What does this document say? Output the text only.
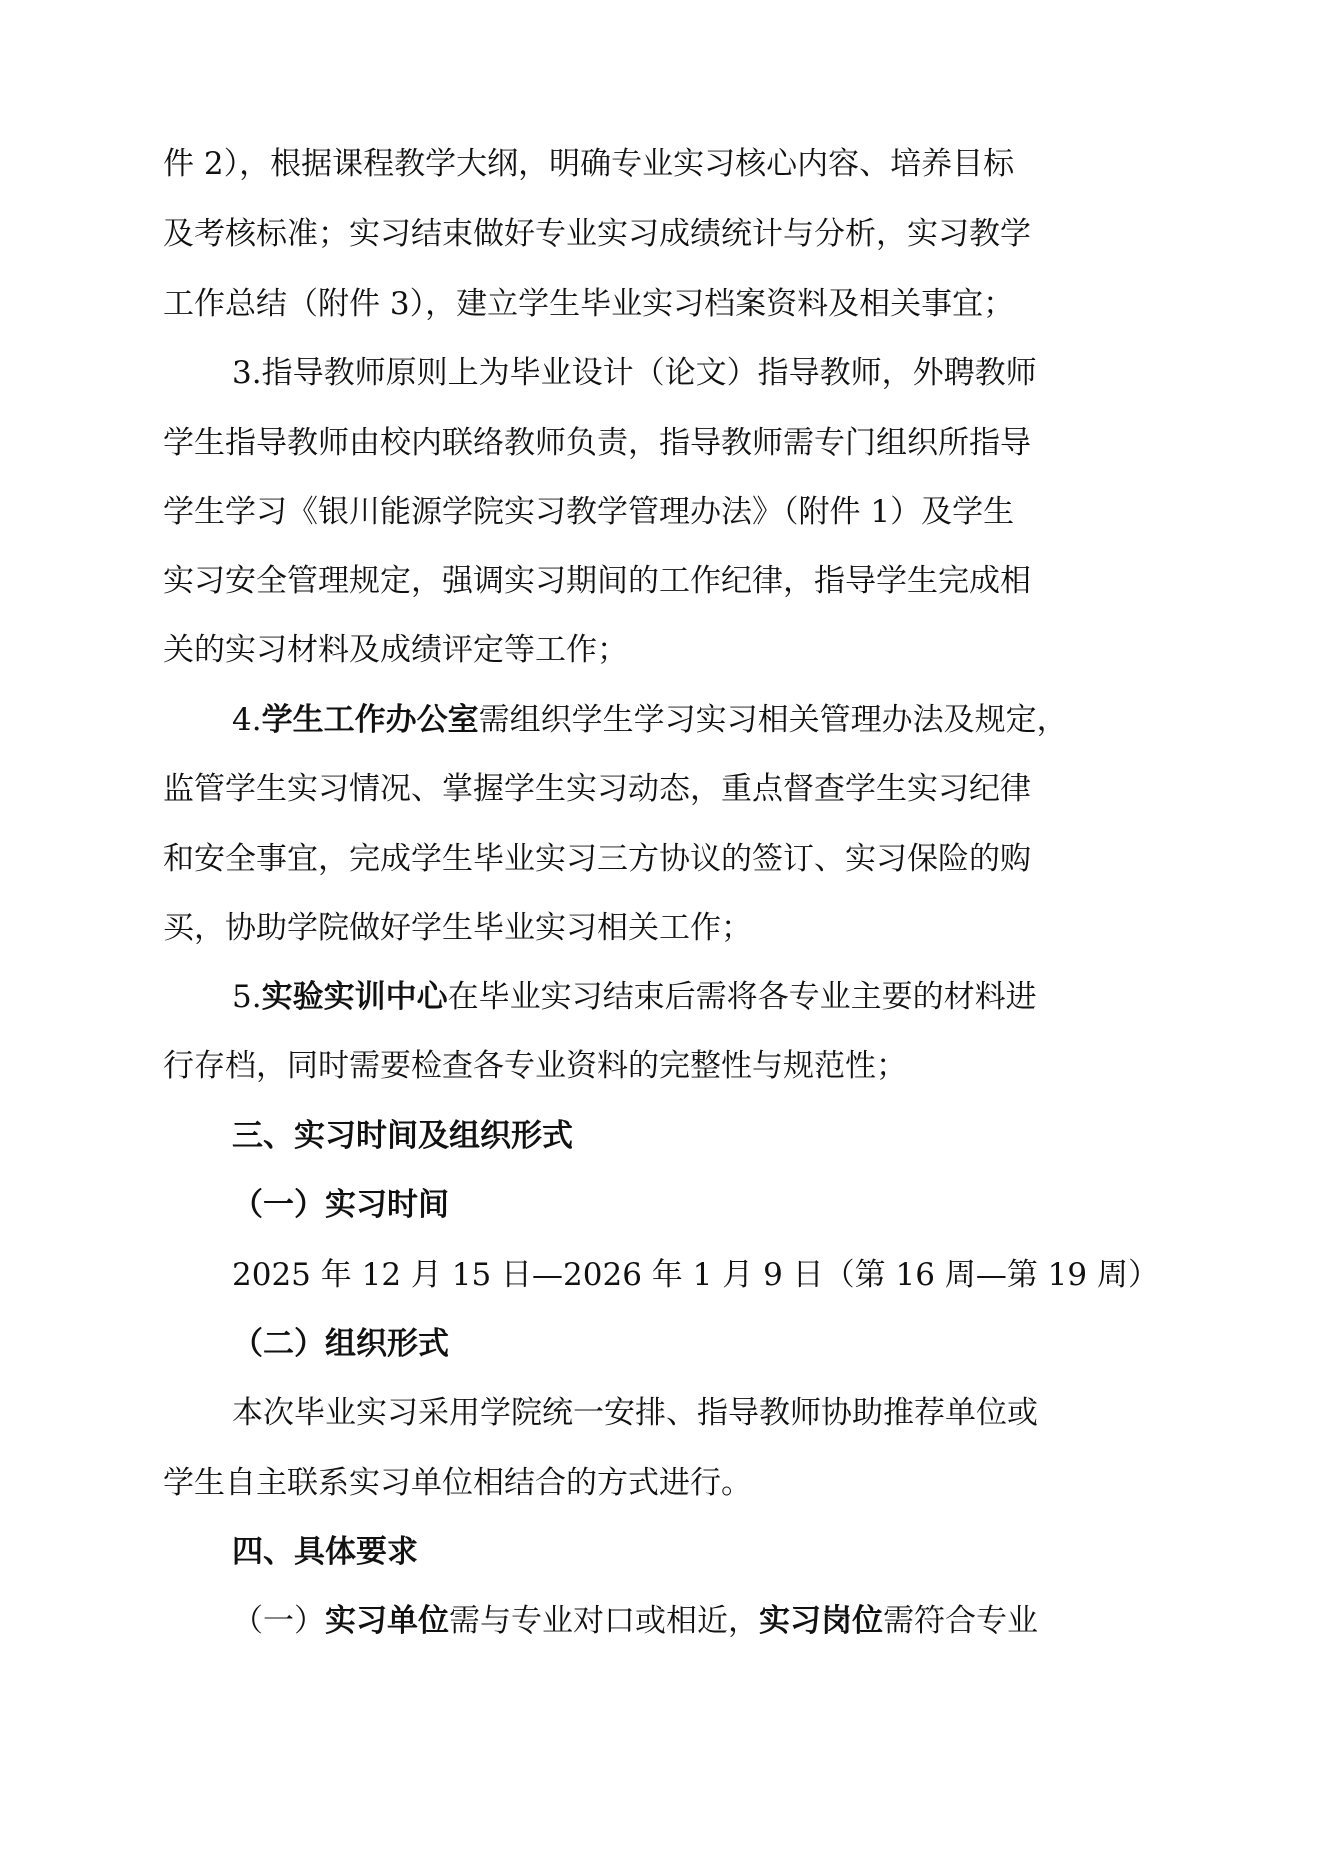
件 2），根据课程教学大纲，明确专业实习核心内容、培养目标
及考核标准；实习结束做好专业实习成绩统计与分析，实习教学
工作总结（附件 3），建立学生毕业实习档案资料及相关事宜；
3.指导教师原则上为毕业设计（论文）指导教师，外聘教师
学生指导教师由校内联络教师负责，指导教师需专门组织所指导
学生学习《银川能源学院实习教学管理办法》（附件 1）及学生
实习安全管理规定，强调实习期间的工作纪律，指导学生完成相
关的实习材料及成绩评定等工作；
4.学生工作办公室需组织学生学习实习相关管理办法及规定，
监管学生实习情况、掌握学生实习动态，重点督查学生实习纪律
和安全事宜，完成学生毕业实习三方协议的签订、实习保险的购
买，协助学院做好学生毕业实习相关工作；
5.实验实训中心在毕业实习结束后需将各专业主要的材料进
行存档，同时需要检查各专业资料的完整性与规范性；
三、实习时间及组织形式
（一）实习时间
2025 年 12 月 15 日—2026 年 1 月 9 日（第 16 周—第 19 周）
（二）组织形式
本次毕业实习采用学院统一安排、指导教师协助推荐单位或
学生自主联系实习单位相结合的方式进行。
四、具体要求
（一）实习单位需与专业对口或相近，实习岗位需符合专业
